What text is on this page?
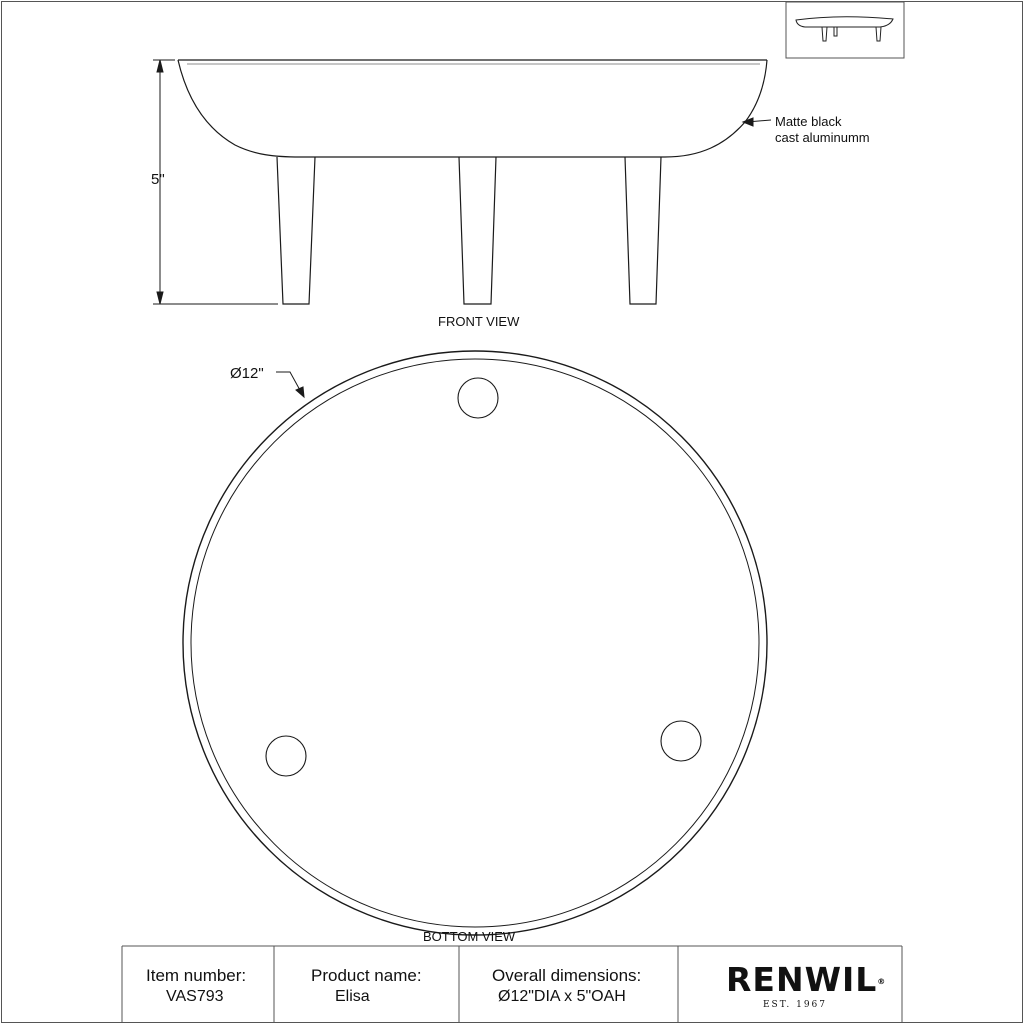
5"
Matte black
cast aluminumm
FRONT VIEW
Ø12"
BOTTOM VIEW
Item number:
VAS793
Product name:
Elisa
Overall dimensions:
Ø12"DIA x 5"OAH	RENWIL®
EST. 1967
